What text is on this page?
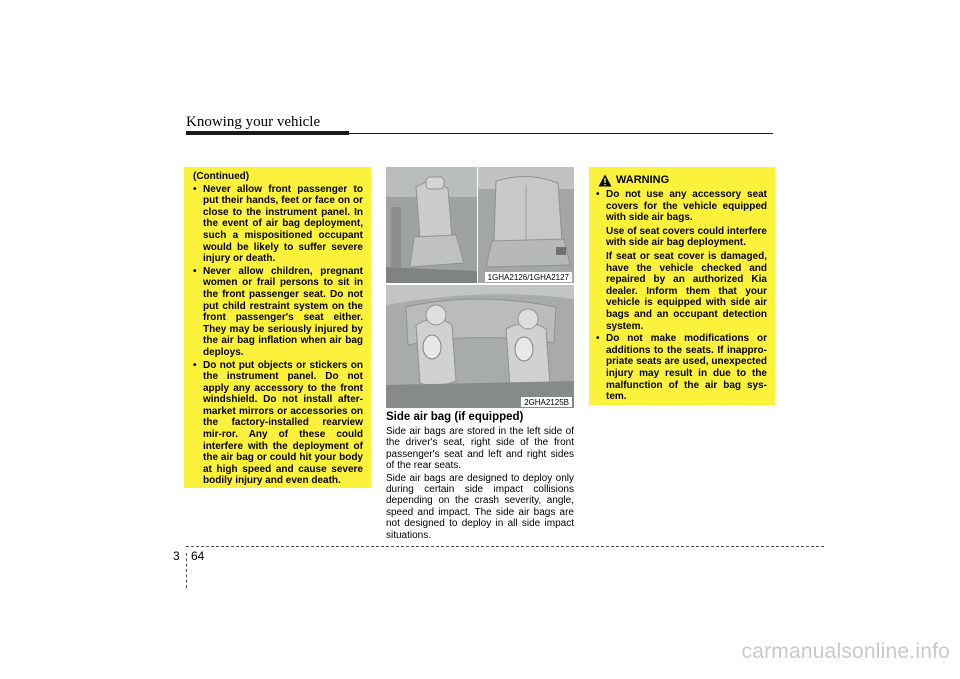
Knowing your vehicle
(Continued)
• Never allow front passenger to put their hands, feet or face on or close to the instrument panel. In the event of air bag deployment, such a mispositioned occupant would be likely to suffer severe injury or death.
• Never allow children, pregnant women or frail persons to sit in the front passenger seat. Do not put child restraint system on the front passenger's seat either. They may be seriously injured by the air bag inflation when air bag deploys.
• Do not put objects or stickers on the instrument panel. Do not apply any accessory to the front windshield. Do not install after-market mirrors or accessories on the factory-installed rearview mir-ror. Any of these could interfere with the deployment of the air bag or could hit your body at high speed and cause severe bodily injury and even death.
1GHA2126/1GHA2127
2GHA2125B
Side air bag (if equipped)

Side air bags are stored in the left side of the driver's seat, right side of the front passenger's seat and left and right sides of the rear seats.

Side air bags are designed to deploy only during certain side impact collisions depending on the crash severity, angle, speed and impact. The side air bags are not designed to deploy in all side impact situations.

WARNING
• Do not use any accessory seat covers for the vehicle equipped with side air bags.

Use of seat covers could interfere with side air bag deployment.

If seat or seat cover is damaged, have the vehicle checked and repaired by an authorized Kia dealer. Inform them that your vehicle is equipped with side air bags and an occupant detection system.

• Do not make modifications or additions to the seats. If inappro-priate seats are used, unexpected injury may result in due to the malfunction of the air bag sys-tem.
3 64
carmanualsonline.info
